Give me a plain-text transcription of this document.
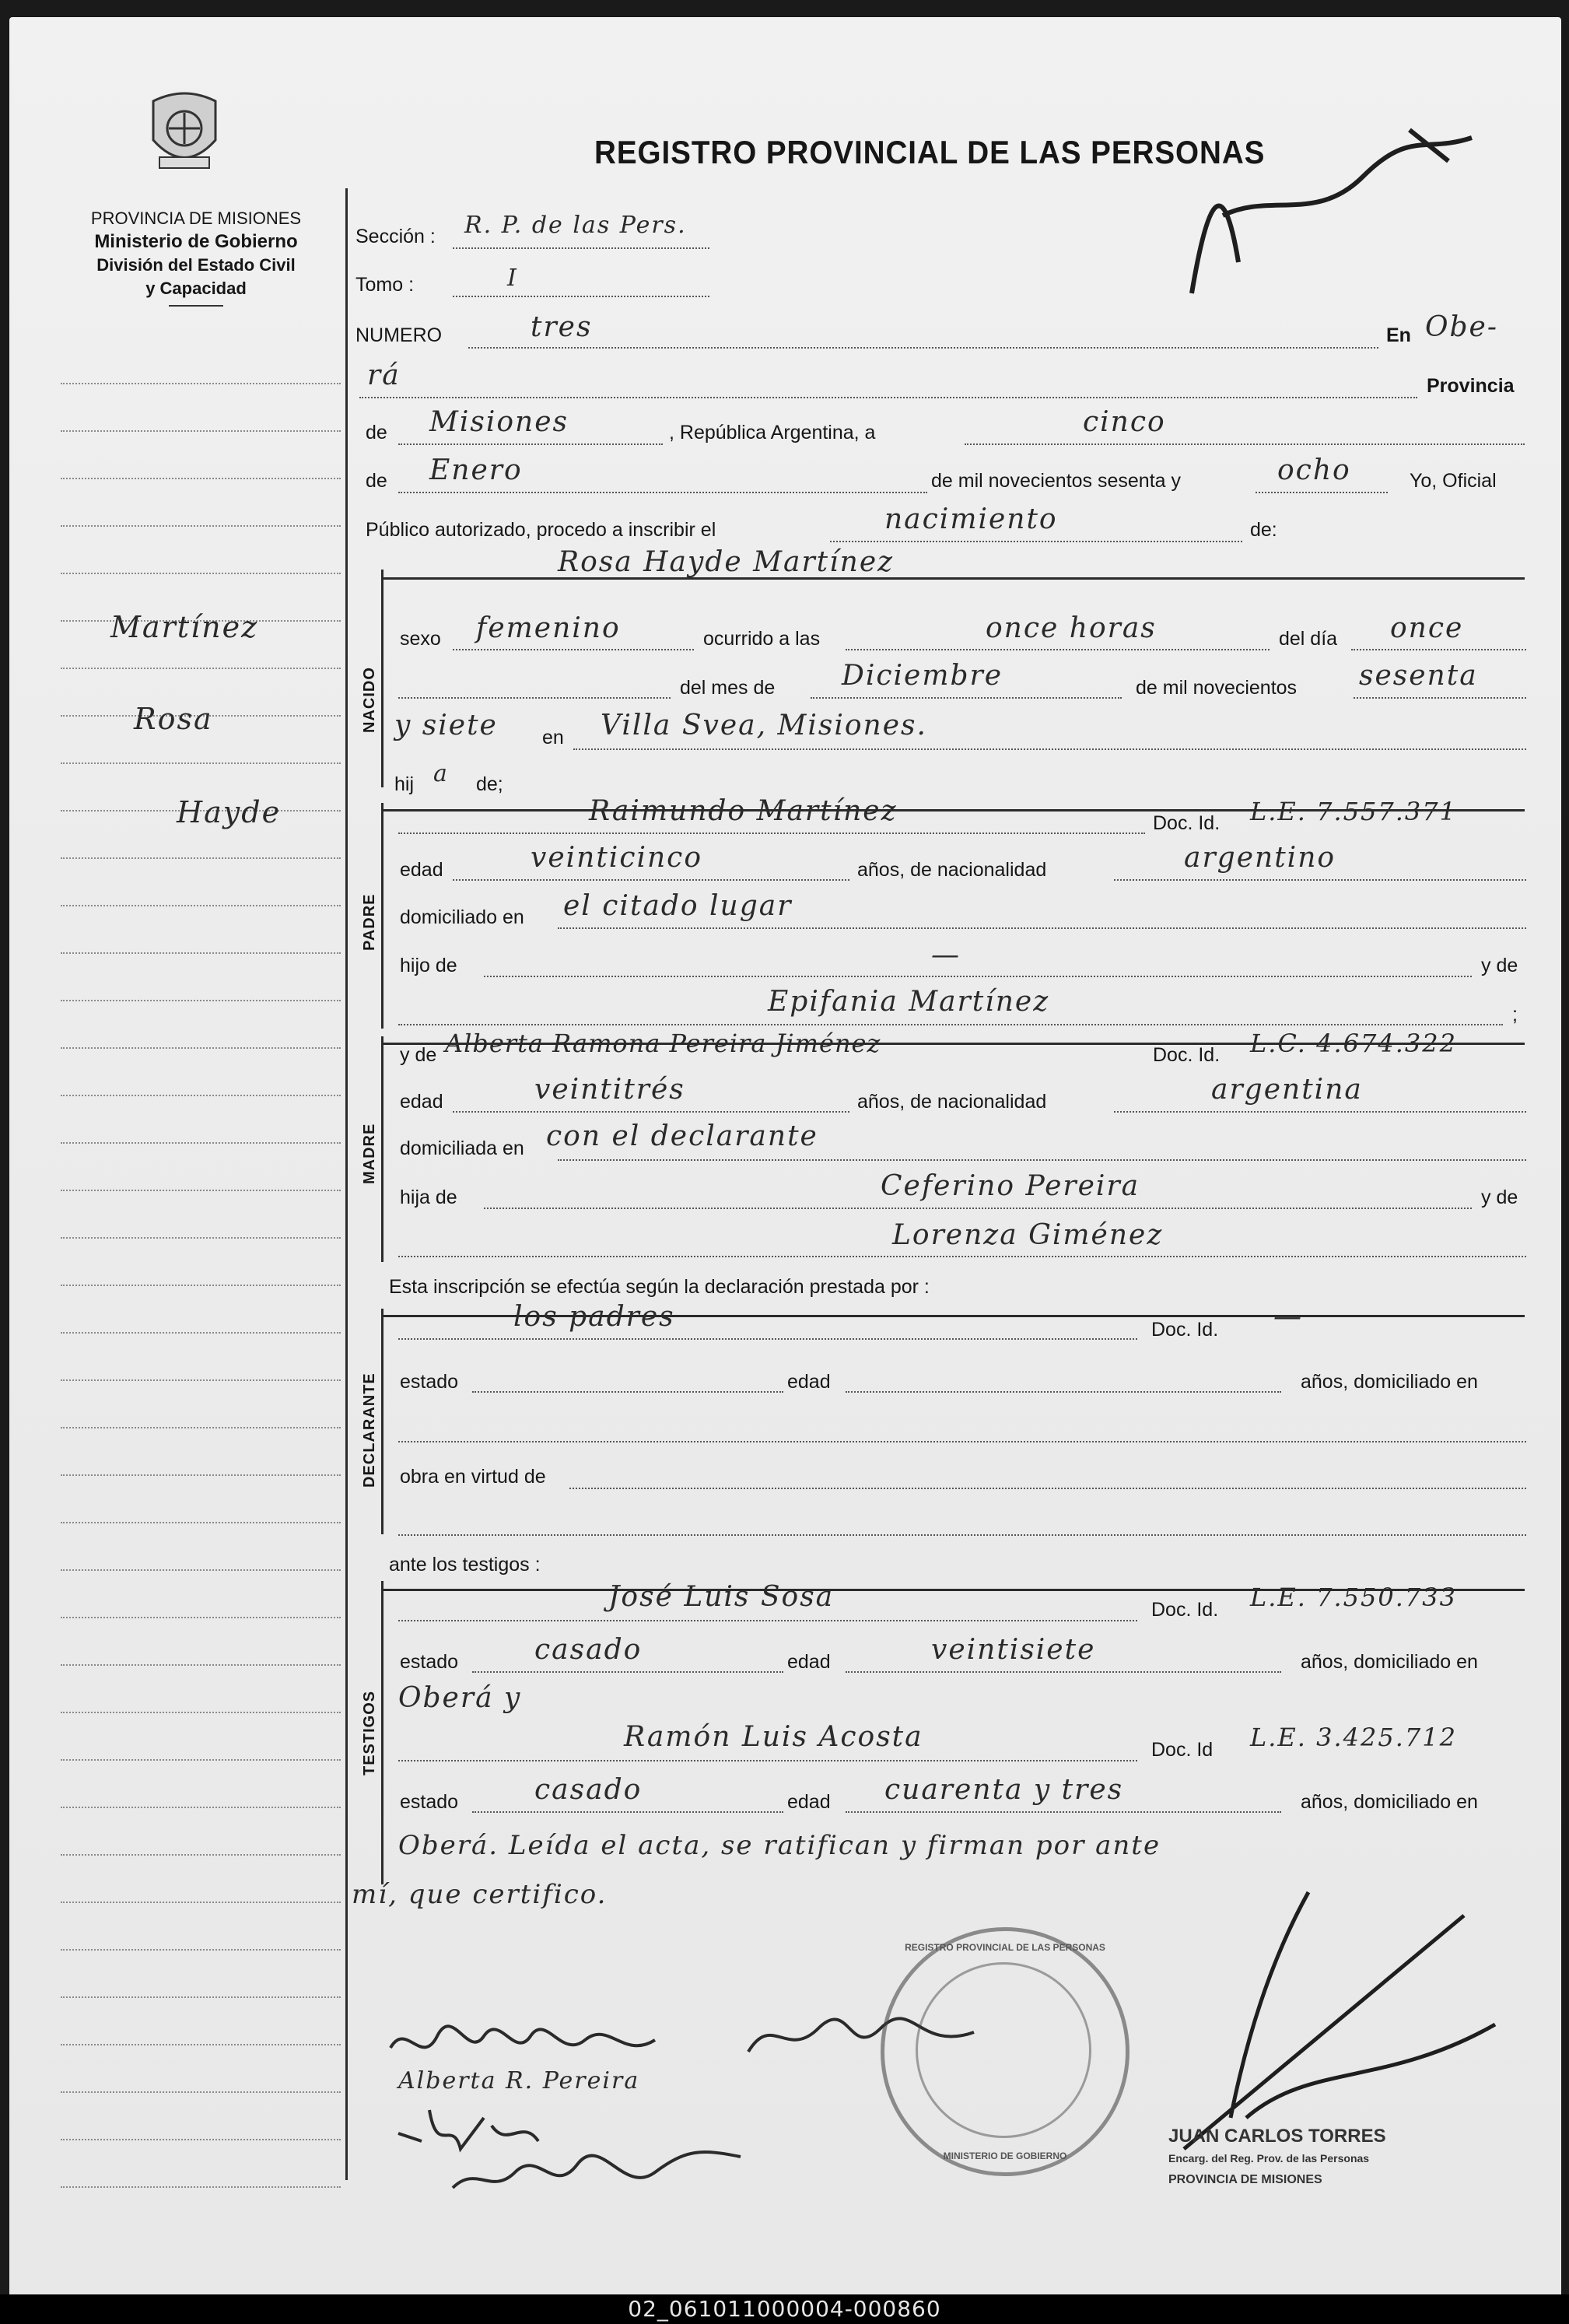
PROVINCIA DE MISIONES
Ministerio de Gobierno
División del Estado Civil
y Capacidad
REGISTRO PROVINCIAL DE LAS PERSONAS
Martínez
Rosa
Hayde
NACIDO
PADRE
MADRE
DECLARANTE
TESTIGOS
Sección : R. P. de las Pers.
Tomo :	I
NUMERO	tres	En Obe-
rá	Provincia
de Misiones	, República Argentina, a	cinco
de Enero	de mil novecientos sesenta y	ocho	Yo, Oficial
Público autorizado, procedo a inscribir el	nacimiento	de:
Rosa Hayde Martínez
sexo femenino	ocurrido a las	once horas	del día once
del mes de Diciembre	de mil novecientos sesenta
y siete en Villa Svea, Misiones.
hij a de;
Raimundo Martínez	Doc. Id. L.E. 7.557.371
edad	veinticinco	años, de nacionalidad	argentino
domiciliado en el citado lugar
hijo de	—	y de
Epifania Martínez	;
y de Alberta Ramona Pereira Jiménez	Doc. Id. L.C. 4.674.322
edad	veintitrés	años, de nacionalidad	argentina
domiciliada en con el declarante
hija de	Ceferino Pereira	y de
Lorenza Giménez
Esta inscripción se efectúa según la declaración prestada por :
los padres	Doc. Id. —
estado	edad	años, domiciliado en
obra en virtud de
ante los testigos :
José Luis Sosa	Doc. Id. L.E. 7.550.733
estado	casado	edad	veintisiete	años, domiciliado en
Oberá y
Ramón Luis Acosta	Doc. Id L.E. 3.425.712
estado	casado	edad cuarenta y tres	años, domiciliado en
Oberá. Leída el acta, se ratifican y firman por ante
mí, que certifico.
Alberta R. Pereira
REGISTRO PROVINCIAL DE LAS PERSONAS
MINISTERIO DE GOBIERNO
JUAN CARLOS TORRES
Encarg. del Reg. Prov. de las Personas
PROVINCIA DE MISIONES
02_061011000004-000860
